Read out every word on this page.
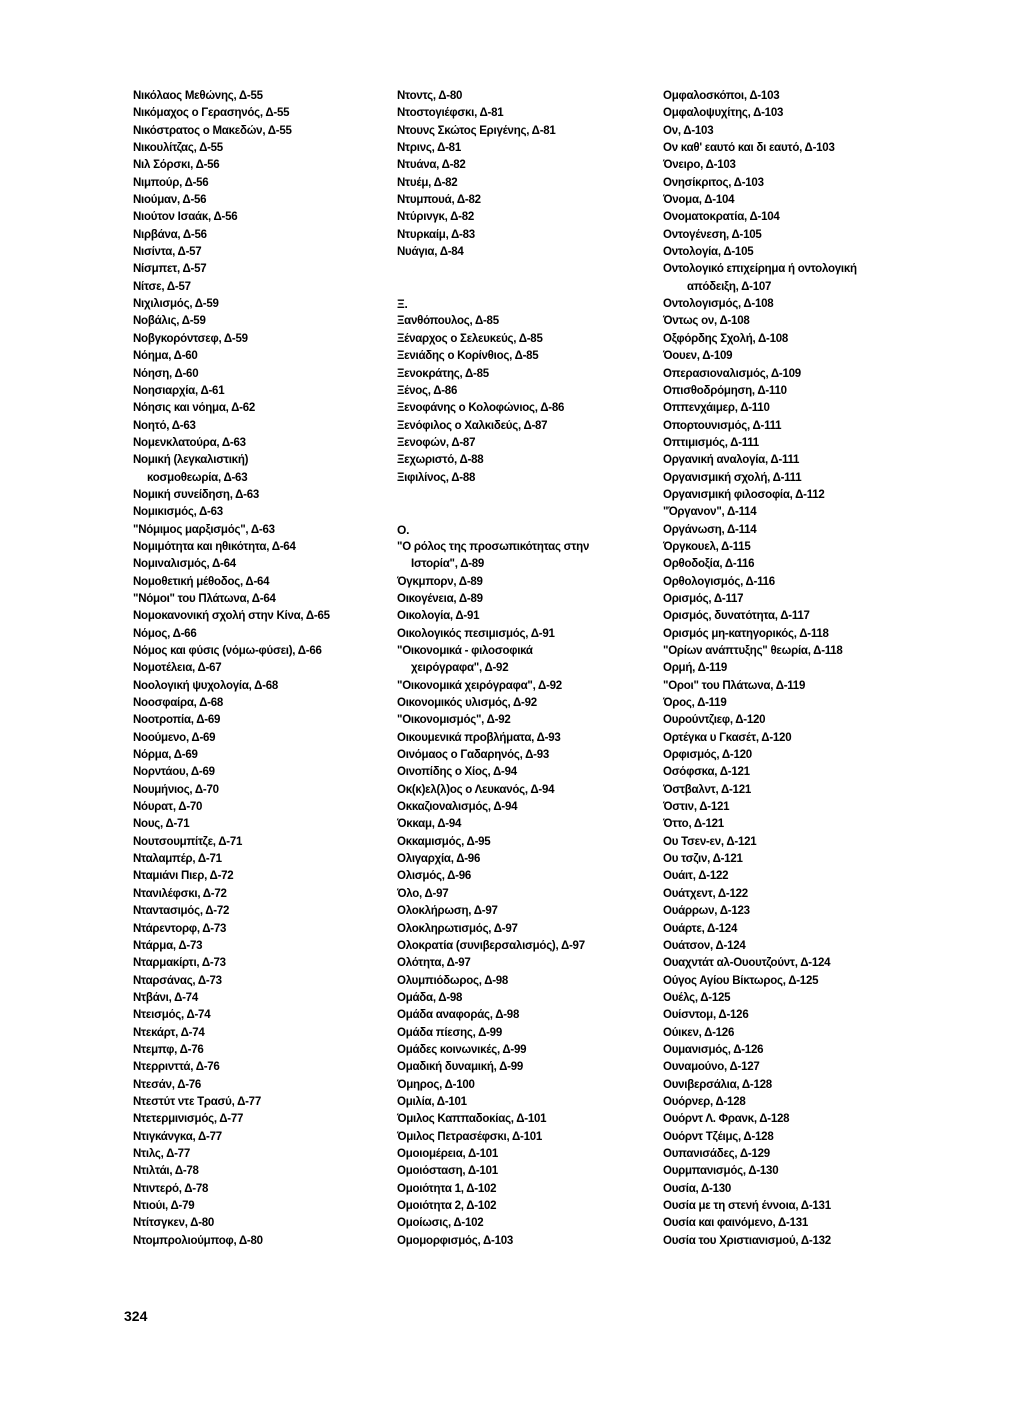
Νικόλαος Μεθώνης, Δ-55
Νικόμαχος ο Γερασηνός, Δ-55
Νικόστρατος ο Μακεδών, Δ-55
Νικουλίτζας, Δ-55
Νιλ Σόρσκι, Δ-56
Νιμπούρ, Δ-56
Νιούμαν, Δ-56
Νιούτον Ισαάκ, Δ-56
Νιρβάνα, Δ-56
Νισίντα, Δ-57
Νίσμπετ, Δ-57
Νίτσε, Δ-57
Νιχιλισμός, Δ-59
Νοβάλις, Δ-59
Νοβγκορόντσεφ, Δ-59
Νόημα, Δ-60
Νόηση, Δ-60
Νοησιαρχία, Δ-61
Νόησις και νόημα, Δ-62
Νοητό, Δ-63
Νομενκλατούρα, Δ-63
Νομική (λεγκαλιστική)
κοσμοθεωρία, Δ-63
Νομική συνείδηση, Δ-63
Νομικισμός, Δ-63
"Νόμιμος μαρξισμός", Δ-63
Νομιμότητα και ηθικότητα, Δ-64
Νομιναλισμός, Δ-64
Νομοθετική μέθοδος, Δ-64
"Νόμοι" του Πλάτωνα, Δ-64
Νομοκανονική σχολή στην Κίνα, Δ-65
Νόμος, Δ-66
Νόμος και φύσις (νόμω-φύσει), Δ-66
Νομοτέλεια, Δ-67
Νοολογική ψυχολογία, Δ-68
Νοοσφαίρα, Δ-68
Νοοτροπία, Δ-69
Νοούμενο, Δ-69
Νόρμα, Δ-69
Νορντάου, Δ-69
Νουμήνιος, Δ-70
Νόυρατ, Δ-70
Νους, Δ-71
Νουτσουμπίτζε, Δ-71
Νταλαμπέρ, Δ-71
Νταμιάνι Πιερ, Δ-72
Ντανιλέφσκι, Δ-72
Νταντασιμός, Δ-72
Ντάρεντορφ, Δ-73
Ντάρμα, Δ-73
Νταρμακίρτι, Δ-73
Νταρσάνας, Δ-73
Ντβάνι, Δ-74
Ντεισμός, Δ-74
Ντεκάρτ, Δ-74
Ντεμπφ, Δ-76
Ντερρινττά, Δ-76
Ντεσάν, Δ-76
Ντεστύτ ντε Τρασύ, Δ-77
Ντετερμινισμός, Δ-77
Ντιγκάνγκα, Δ-77
Ντιλς, Δ-77
Ντιλτάι, Δ-78
Ντιντερό, Δ-78
Ντιούι, Δ-79
Ντίτσγκεν, Δ-80
Ντομπρολιούμποφ, Δ-80
Ντοντς, Δ-80
Ντοστογιέφσκι, Δ-81
Ντουνς Σκώτος Εριγένης, Δ-81
Ντρινς, Δ-81
Ντυάνα, Δ-82
Ντυέμ, Δ-82
Ντυμπουά, Δ-82
Ντύρινγκ, Δ-82
Ντυρκαίμ, Δ-83
Νυάγια, Δ-84
Ξ.
Ξανθόπουλος, Δ-85
Ξέναρχος ο Σελευκεύς, Δ-85
Ξενιάδης ο Κορίνθιος, Δ-85
Ξενοκράτης, Δ-85
Ξένος, Δ-86
Ξενοφάνης ο Κολοφώνιος, Δ-86
Ξενόφιλος ο Χαλκιδεύς, Δ-87
Ξενοφών, Δ-87
Ξεχωριστό, Δ-88
Ξιφιλίνος, Δ-88
Ο.
"Ο ρόλος της προσωπικότητας στην
Ιστορία", Δ-89
Όγκμπορν, Δ-89
Οικογένεια, Δ-89
Οικολογία, Δ-91
Οικολογικός πεσιμισμός, Δ-91
"Οικονομικά - φιλοσοφικά
χειρόγραφα", Δ-92
"Οικονομικά χειρόγραφα", Δ-92
Οικονομικός υλισμός, Δ-92
"Οικονομισμός", Δ-92
Οικουμενικά προβλήματα, Δ-93
Οινόμαος ο Γαδαρηνός, Δ-93
Οινοπίδης ο Χίος, Δ-94
Οκ(κ)ελ(λ)ος ο Λευκανός, Δ-94
Οκκαζιοναλισμός, Δ-94
Όκκαμ, Δ-94
Οκκαμισμός, Δ-95
Ολιγαρχία, Δ-96
Ολισμός, Δ-96
Όλο, Δ-97
Ολοκλήρωση, Δ-97
Ολοκληρωτισμός, Δ-97
Ολοκρατία (συνιβερσαλισμός), Δ-97
Ολότητα, Δ-97
Ολυμπιόδωρος, Δ-98
Ομάδα, Δ-98
Ομάδα αναφοράς, Δ-98
Ομάδα πίεσης, Δ-99
Ομάδες κοινωνικές, Δ-99
Ομαδική δυναμική, Δ-99
Όμηρος, Δ-100
Ομιλία, Δ-101
Όμιλος Καππαδοκίας, Δ-101
Όμιλος Πετρασέφσκι, Δ-101
Ομοιομέρεια, Δ-101
Ομοιόσταση, Δ-101
Ομοιότητα 1, Δ-102
Ομοιότητα 2, Δ-102
Ομοίωσις, Δ-102
Ομομορφισμός, Δ-103
Ομφαλοσκόποι, Δ-103
Ομφαλοψυχίτης, Δ-103
Ον, Δ-103
Ον καθ' εαυτό και δι εαυτό, Δ-103
Όνειρο, Δ-103
Ονησίκριτος, Δ-103
Όνομα, Δ-104
Ονοματοκρατία, Δ-104
Οντογένεση, Δ-105
Οντολογία, Δ-105
Οντολογικό επιχείρημα ή οντολογική
απόδειξη, Δ-107
Οντολογισμός, Δ-108
Όντως ον, Δ-108
Οξφόρδης Σχολή, Δ-108
Όουεν, Δ-109
Οπερασιοναλισμός, Δ-109
Οπισθοδρόμηση, Δ-110
Οππενχάιμερ, Δ-110
Οπορτουνισμός, Δ-111
Οπτιμισμός, Δ-111
Οργανική αναλογία, Δ-111
Οργανισμική σχολή, Δ-111
Οργανισμική φιλοσοφία, Δ-112
"Όργανον", Δ-114
Οργάνωση, Δ-114
Όργκουελ, Δ-115
Ορθοδοξία, Δ-116
Ορθολογισμός, Δ-116
Ορισμός, Δ-117
Ορισμός, δυνατότητα, Δ-117
Ορισμός μη-κατηγορικός, Δ-118
"Ορίων ανάπτυξης" θεωρία, Δ-118
Ορμή, Δ-119
"Οροι" του Πλάτωνα, Δ-119
Όρος, Δ-119
Ουρούντζιεφ, Δ-120
Ορτέγκα υ Γκασέτ, Δ-120
Ορφισμός, Δ-120
Οσόφσκα, Δ-121
Όστβαλντ, Δ-121
Όστιν, Δ-121
Όττο, Δ-121
Ου Τσεν-εν, Δ-121
Ου τσζιν, Δ-121
Ουάιτ, Δ-122
Ουάτχεντ, Δ-122
Ουάρρων, Δ-123
Ουάρτε, Δ-124
Ουάτσον, Δ-124
Ουαχντάτ αλ-Ουουτζούντ, Δ-124
Ούγος Αγίου Βίκτωρος, Δ-125
Ουέλς, Δ-125
Ουίσντομ, Δ-126
Ούικεν, Δ-126
Ουμανισμός, Δ-126
Ουναμούνο, Δ-127
Ουνιβερσάλια, Δ-128
Ουόρνερ, Δ-128
Ουόρντ Λ. Φρανκ, Δ-128
Ουόρντ Τζέιμς, Δ-128
Ουπανισάδες, Δ-129
Ουρμπανισμός, Δ-130
Ουσία, Δ-130
Ουσία με τη στενή έννοια, Δ-131
Ουσία και φαινόμενο, Δ-131
Ουσία του Χριστιανισμού, Δ-132
324
